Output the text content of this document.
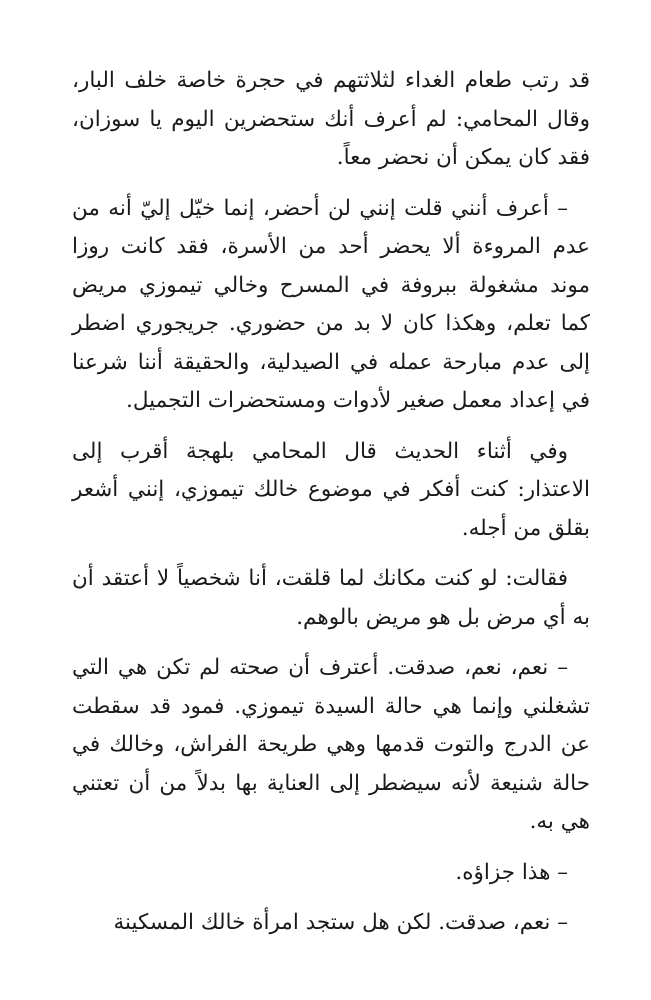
قد رتب طعام الغداء لثلاثتهم في حجرة خاصة خلف البار، وقال المحامي: لم أعرف أنك ستحضرين اليوم يا سوزان، فقد كان يمكن أن نحضر معاً.

– أعرف أنني قلت إنني لن أحضر، إنما خيّل إليّ أنه من عدم المروءة ألا يحضر أحد من الأسرة، فقد كانت روزا موند مشغولة ببروفة في المسرح وخالي تيموزي مريض كما تعلم، وهكذا كان لا بد من حضوري. جريجوري اضطر إلى عدم مبارحة عمله في الصيدلية، والحقيقة أننا شرعنا في إعداد معمل صغير لأدوات ومستحضرات التجميل.

وفي أثناء الحديث قال المحامي بلهجة أقرب إلى الاعتذار: كنت أفكر في موضوع خالك تيموزي، إنني أشعر بقلق من أجله.

فقالت: لو كنت مكانك لما قلقت، أنا شخصياً لا أعتقد أن به أي مرض بل هو مريض بالوهم.

– نعم، نعم، صدقت. أعترف أن صحته لم تكن هي التي تشغلني وإنما هي حالة السيدة تيموزي. فمود قد سقطت عن الدرج والتوت قدمها وهي طريحة الفراش، وخالك في حالة شنيعة لأنه سيضطر إلى العناية بها بدلاً من أن تعتني هي به.

– هذا جزاؤه.

– نعم، صدقت. لكن هل ستجد امرأة خالك المسكينة
